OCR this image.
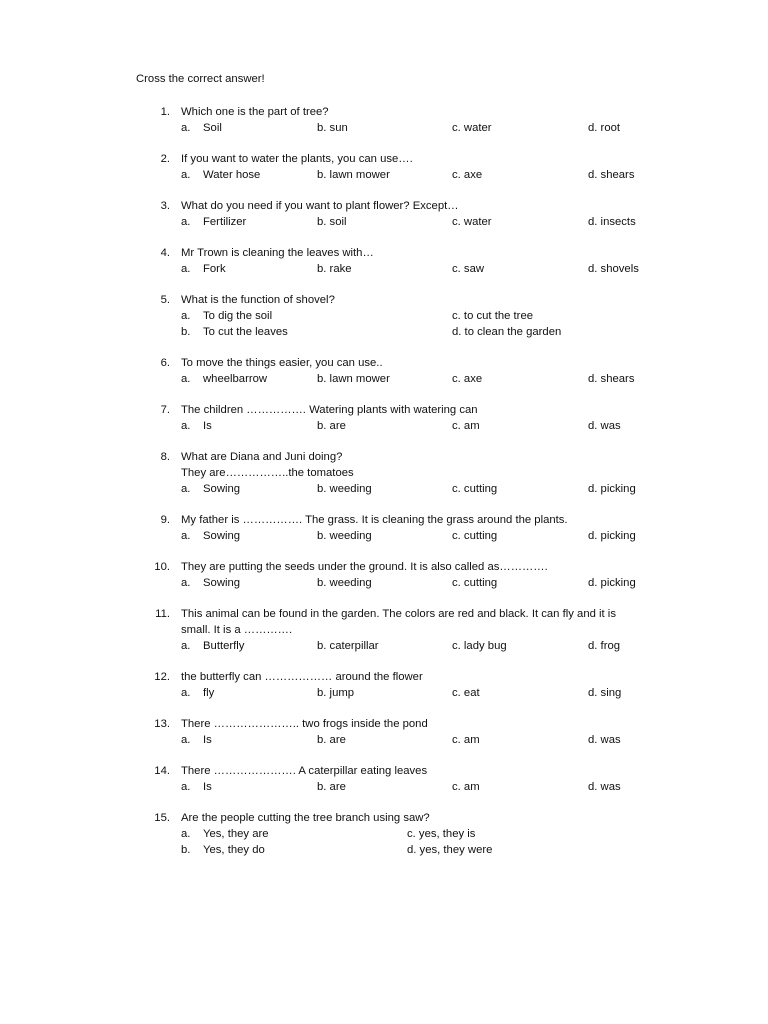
Cross the correct answer!
1. Which one is the part of tree?
a. Soil	b. sun	c. water	d. root
2. If you want to water the plants, you can use….
a. Water hose	b. lawn mower	c. axe	d. shears
3. What do you need if you want to plant flower? Except…
a. Fertilizer	b. soil	c. water	d. insects
4. Mr Trown is cleaning the leaves with…
a. Fork	b. rake	c. saw	d. shovels
5. What is the function of shovel?
a. To dig the soil	c. to cut the tree
b. To cut the leaves	d. to clean the garden
6. To move the things easier, you can use..
a. wheelbarrow	b. lawn mower	c. axe	d. shears
7. The children ……………. Watering plants with watering can
a. Is	b. are	c. am	d. was
8. What are Diana and Juni doing?
They are……………..the tomatoes
a. Sowing	b. weeding	c. cutting	d. picking
9. My father is ……………. The grass. It is cleaning the grass around the plants.
a. Sowing	b. weeding	c. cutting	d. picking
10. They are putting the seeds under the ground. It is also called as………….
a. Sowing	b. weeding	c. cutting	d. picking
11. This animal can be found in the garden. The colors are red and black. It can fly and it is
small. It is a ………….
a. Butterfly	b. caterpillar	c. lady bug	d. frog
12. the butterfly can ……………… around the flower
a. fly	b. jump	c. eat	d. sing
13. There ………………….. two frogs inside the pond
a. Is	b. are	c. am	d. was
14. There …………………. A caterpillar eating leaves
a. Is	b. are	c. am	d. was
15. Are the people cutting the tree branch using saw?
a. Yes, they are	c. yes, they is
b. Yes, they do	d. yes, they were
